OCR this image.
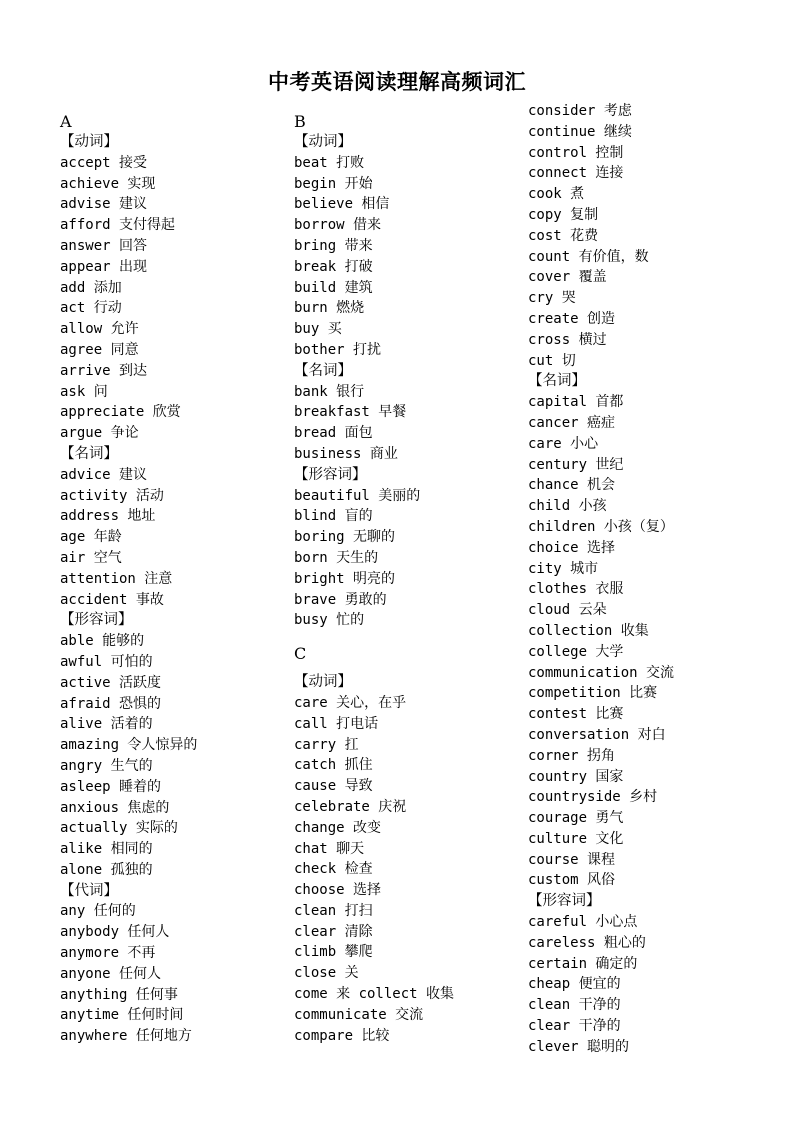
中考英语阅读理解高频词汇
A
【动词】
accept 接受
achieve 实现
advise 建议
afford 支付得起
answer 回答
appear 出现
add 添加
act 行动
allow 允许
agree 同意
arrive 到达
ask 问
appreciate 欣赏
argue 争论
【名词】
advice 建议
activity 活动
address 地址
age 年龄
air 空气
attention 注意
accident 事故
【形容词】
able 能够的
awful 可怕的
active 活跃度
afraid 恐惧的
alive 活着的
amazing 令人惊异的
angry 生气的
asleep 睡着的
anxious 焦虑的
actually 实际的
alike 相同的
alone 孤独的
【代词】
any 任何的
anybody 任何人
anymore 不再
anyone 任何人
anything 任何事
anytime 任何时间
anywhere 任何地方
B
【动词】
beat 打败
begin 开始
believe 相信
borrow 借来
bring 带来
break 打破
build 建筑
burn 燃烧
buy 买
bother 打扰
【名词】
bank 银行
breakfast 早餐
bread 面包
business 商业
【形容词】
beautiful 美丽的
blind 盲的
boring 无聊的
born 天生的
bright 明亮的
brave 勇敢的
busy 忙的
C
【动词】
care 关心，在乎
call 打电话
carry 扛
catch 抓住
cause 导致
celebrate 庆祝
change 改变
chat 聊天
check 检查
choose 选择
clean 打扫
clear 清除
climb 攀爬
close 关
come 来 collect 收集
communicate 交流
compare 比较
consider 考虑
continue 继续
control 控制
connect 连接
cook 煮
copy 复制
cost 花费
count 有价值，数
cover 覆盖
cry 哭
create 创造
cross 横过
cut 切
【名词】
capital 首都
cancer 癌症
care 小心
century 世纪
chance 机会
child 小孩
children 小孩（复）
choice 选择
city 城市
clothes 衣服
cloud 云朵
collection 收集
college 大学
communication 交流
competition 比赛
contest 比赛
conversation 对白
corner 拐角
country 国家
countryside 乡村
courage 勇气
culture 文化
course 课程
custom 风俗
【形容词】
careful 小心点
careless 粗心的
certain 确定的
cheap 便宜的
clean 干净的
clear 干净的
clever 聪明的
